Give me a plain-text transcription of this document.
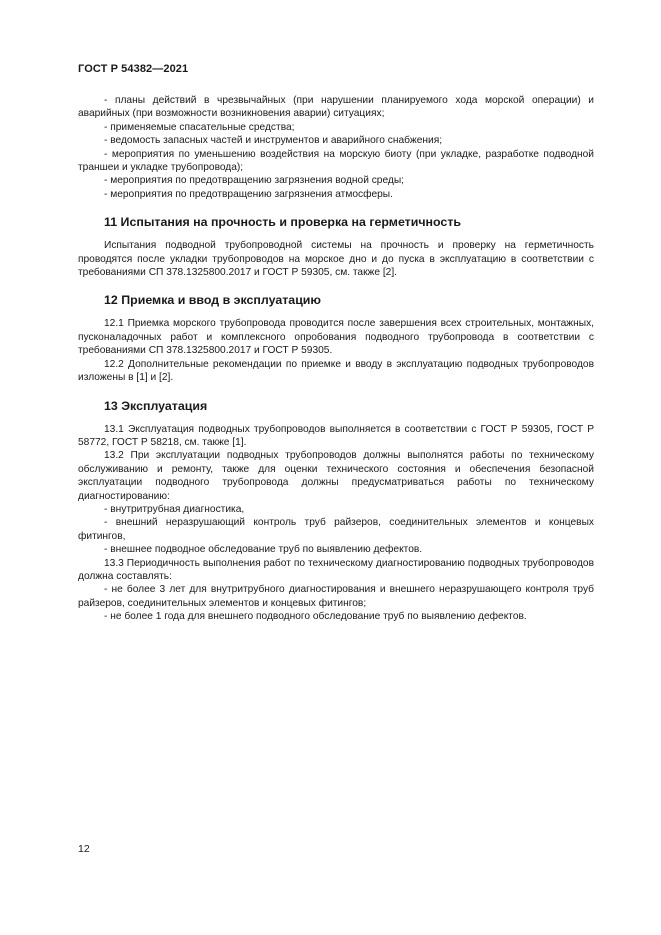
ГОСТ Р 54382—2021

- планы действий в чрезвычайных (при нарушении планируемого хода морской операции) и аварийных (при возможности возникновения аварии) ситуациях;

- применяемые спасательные средства;

- ведомость запасных частей и инструментов и аварийного снабжения;

- мероприятия по уменьшению воздействия на морскую биоту (при укладке, разработке подводной траншеи и укладке трубопровода);

- мероприятия по предотвращению загрязнения водной среды;

- мероприятия по предотвращению загрязнения атмосферы.

11 Испытания на прочность и проверка на герметичность

Испытания подводной трубопроводной системы на прочность и проверку на герметичность проводятся после укладки трубопроводов на морское дно и до пуска в эксплуатацию в соответствии с требованиями СП 378.1325800.2017 и ГОСТ Р 59305, см. также [2].

12 Приемка и ввод в эксплуатацию

12.1 Приемка морского трубопровода проводится после завершения всех строительных, монтажных, пусконаладочных работ и комплексного опробования подводного трубопровода в соответствии с требованиями СП 378.1325800.2017 и ГОСТ Р 59305.

12.2 Дополнительные рекомендации по приемке и вводу в эксплуатацию подводных трубопроводов изложены в [1] и [2].

13 Эксплуатация

13.1 Эксплуатация подводных трубопроводов выполняется в соответствии с ГОСТ Р 59305, ГОСТ Р 58772, ГОСТ Р 58218, см. также [1].

13.2 При эксплуатации подводных трубопроводов должны выполнятся работы по техническому обслуживанию и ремонту, также для оценки технического состояния и обеспечения безопасной эксплуатации подводного трубопровода должны предусматриваться работы по техническому диагностированию:

- внутритрубная диагностика,

- внешний неразрушающий контроль труб райзеров, соединительных элементов и концевых фитингов,

- внешнее подводное обследование труб по выявлению дефектов.

13.3 Периодичность выполнения работ по техническому диагностированию подводных трубопроводов должна составлять:

- не более 3 лет для внутритрубного диагностирования и внешнего неразрушающего контроля труб райзеров, соединительных элементов и концевых фитингов;

- не более 1 года для внешнего подводного обследование труб по выявлению дефектов.

12
